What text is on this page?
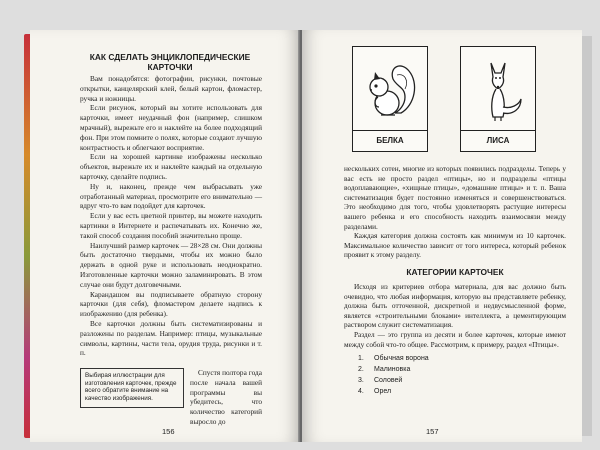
КАК СДЕЛАТЬ ЭНЦИКЛОПЕДИЧЕСКИЕ КАРТОЧКИ

Вам понадобятся: фотографии, рисунки, почтовые открытки, канцелярский клей, белый картон, фломастер, ручка и ножницы.

Если рисунок, который вы хотите использовать для карточки, имеет неудачный фон (например, слишком мрачный), вырежьте его и наклейте на более подходящий фон. При этом помните о полях, которые создают лучшую контрастность и облегчают восприятие.

Если на хорошей картинке изображены несколько объектов, вырежьте их и наклейте каждый на отдельную карточку, сделайте подпись.

Ну и, наконец, прежде чем выбрасывать уже отработанный материал, просмотрите его внимательно — вдруг что-то вам подойдет для карточек.

Если у вас есть цветной принтер, вы можете находить картинки в Интернете и распечатывать их. Конечно же, такой способ создания пособий значительно проще.

Наилучший размер карточек — 28×28 см. Они должны быть достаточно твердыми, чтобы их можно было держать в одной руке и использовать неоднократно. Изготовленные карточки можно заламинировать. В этом случае они будут долговечными.

Карандашом вы подписываете обратную сторону карточки (для себя), фломастером делаете надпись к изображению (для ребенка).

Все карточки должны быть систематизированы и разложены по разделам. Например: птицы, музыкальные символы, картины, части тела, орудия труда, рисунки и т. п.

Выбирая иллюстрации для изготовления карточек, прежде всего обратите внимание на качество изображения.

Спустя полтора года после начала вашей программы вы убедитесь, что количество категорий выросло до

156
БЕЛКА	ЛИСА

нескольких сотен, многие из которых появились подразделы. Теперь у вас есть не просто раздел «птицы», но и подразделы «птицы водоплавающие», «хищные птицы», «домашние птицы» и т. п. Ваша систематизация будет постоянно изменяться и совершенствоваться. Это необходимо для того, чтобы удовлетворять растущие интересы вашего ребенка и его способность находить взаимосвязи между разделами.

Каждая категория должна состоять как минимум из 10 карточек. Максимальное количество зависит от того интереса, который ребенок проявит к этому разделу.

КАТЕГОРИИ КАРТОЧЕК

Исходя из критериев отбора материала, для вас должно быть очевидно, что любая информация, которую вы представляете ребенку, должна быть отточенной, дискретной и недвусмысленной форме, является «строительными блоками» интеллекта, а цементирующим раствором служит систематизация.

Раздел — это группа из десяти и более карточек, которые имеют между собой что-то общее. Рассмотрим, к примеру, раздел «Птицы».

1. Обычная ворона
2. Малиновка
3. Соловей
4. Орел
157
